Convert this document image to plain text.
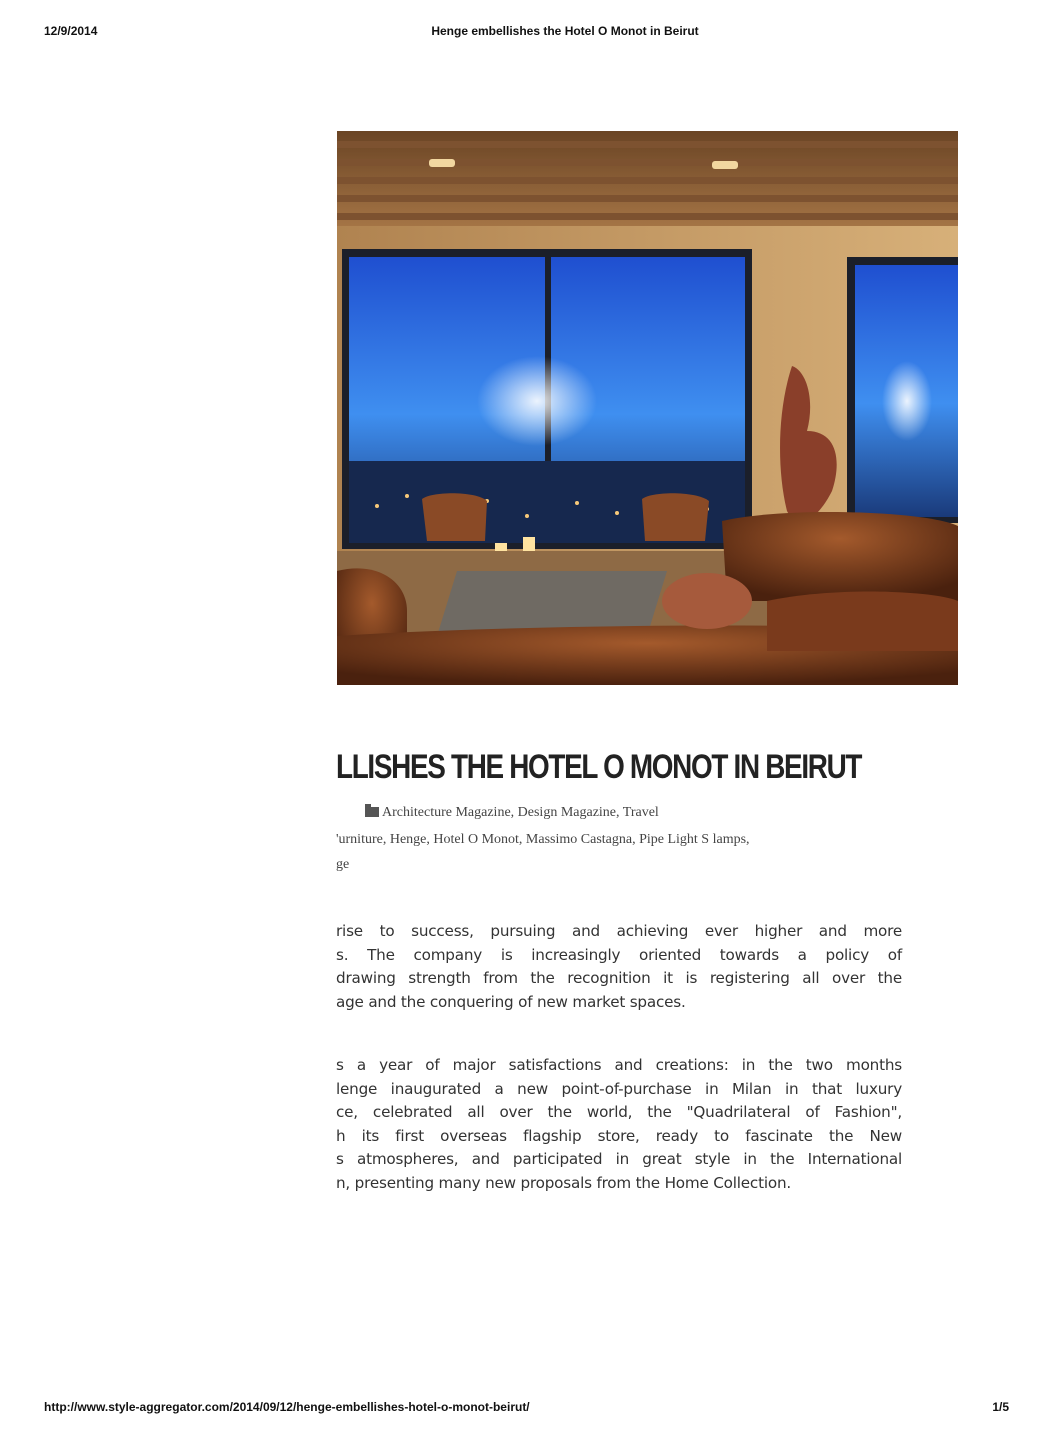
12/9/2014	Henge embellishes the Hotel O Monot in Beirut
LLISHES THE HOTEL O MONOT IN BEIRUT
Architecture Magazine, Design Magazine, Travel
'urniture, Henge, Hotel O Monot, Massimo Castagna, Pipe Light S lamps,
ge
rise to success, pursuing and achieving ever higher and more
s. The company is increasingly oriented towards a policy of
drawing strength from the recognition it is registering all over the
age and the conquering of new market spaces.
s a year of major satisfactions and creations: in the two months
lenge inaugurated a new point-of-purchase in Milan in that luxury
ce, celebrated all over the world, the "Quadrilateral of Fashion",
h its first overseas flagship store, ready to fascinate the New
s atmospheres, and participated in great style in the International
n, presenting many new proposals from the Home Collection.
http://www.style-aggregator.com/2014/09/12/henge-embellishes-hotel-o-monot-beirut/	1/5
